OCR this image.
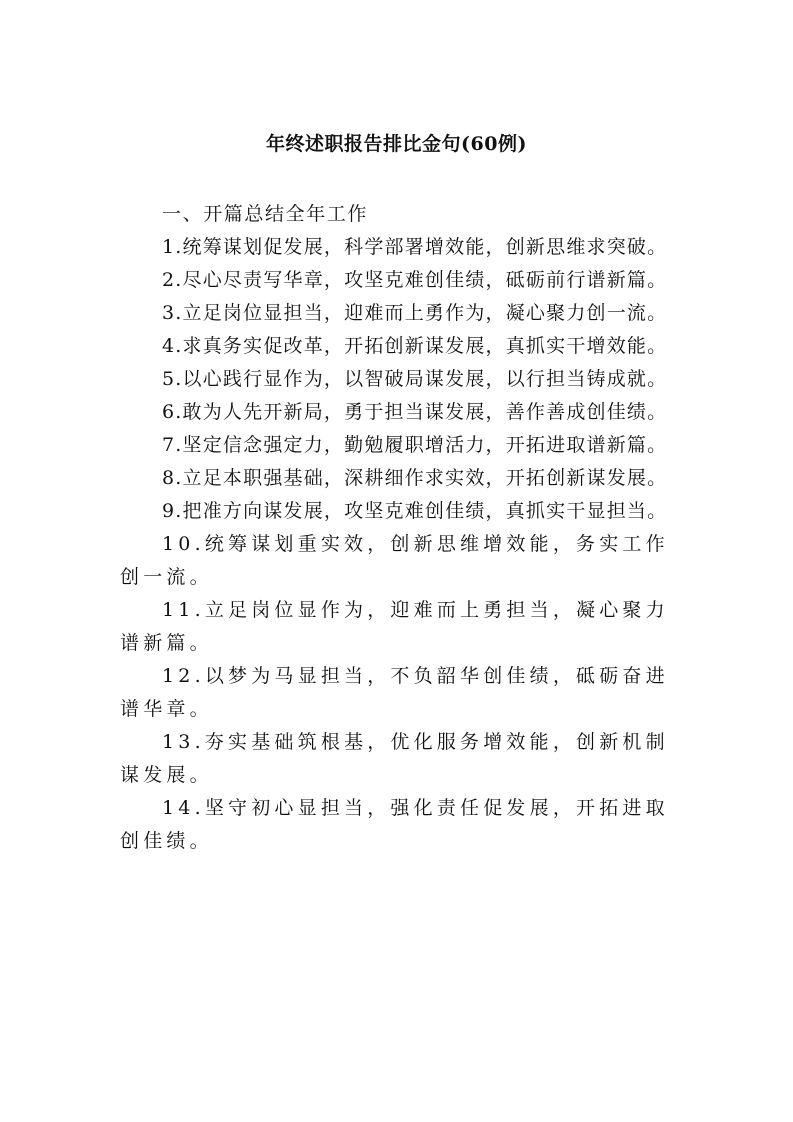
年终述职报告排比金句(60例)

一、开篇总结全年工作

1.统筹谋划促发展，科学部署增效能，创新思维求突破。

2.尽心尽责写华章，攻坚克难创佳绩，砥砺前行谱新篇。

3.立足岗位显担当，迎难而上勇作为，凝心聚力创一流。

4.求真务实促改革，开拓创新谋发展，真抓实干增效能。

5.以心践行显作为，以智破局谋发展，以行担当铸成就。

6.敢为人先开新局，勇于担当谋发展，善作善成创佳绩。

7.坚定信念强定力，勤勉履职增活力，开拓进取谱新篇。

8.立足本职强基础，深耕细作求实效，开拓创新谋发展。

9.把准方向谋发展，攻坚克难创佳绩，真抓实干显担当。

10.统筹谋划重实效，创新思维增效能，务实工作创一流。

11.立足岗位显作为，迎难而上勇担当，凝心聚力谱新篇。

12.以梦为马显担当，不负韶华创佳绩，砥砺奋进谱华章。

13.夯实基础筑根基，优化服务增效能，创新机制谋发展。

14.坚守初心显担当，强化责任促发展，开拓进取创佳绩。
